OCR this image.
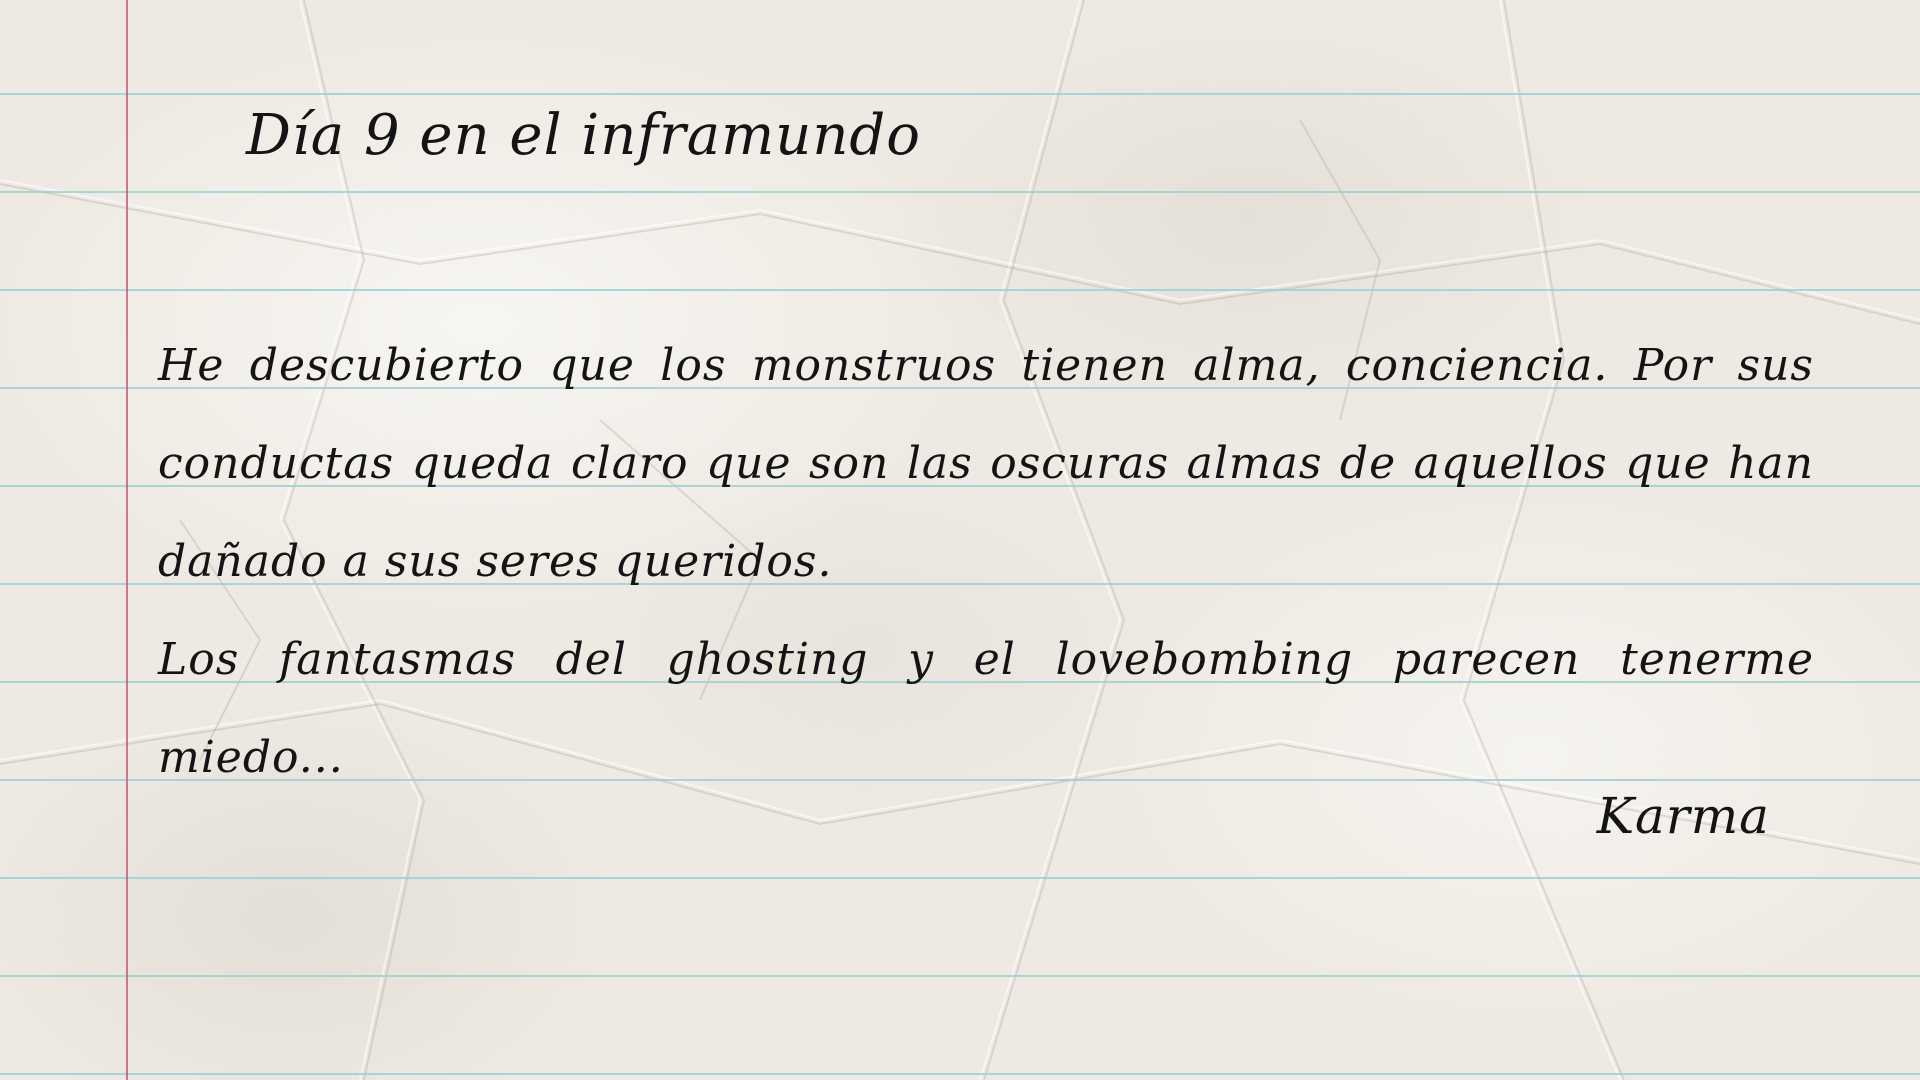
Día 9 en el inframundo

He descubierto que los monstruos tienen alma, conciencia. Por sus conductas queda claro que son las oscuras almas de aquellos que han dañado a sus seres queridos.

Los fantasmas del ghosting y el lovebombing parecen tenerme miedo...

Karma
